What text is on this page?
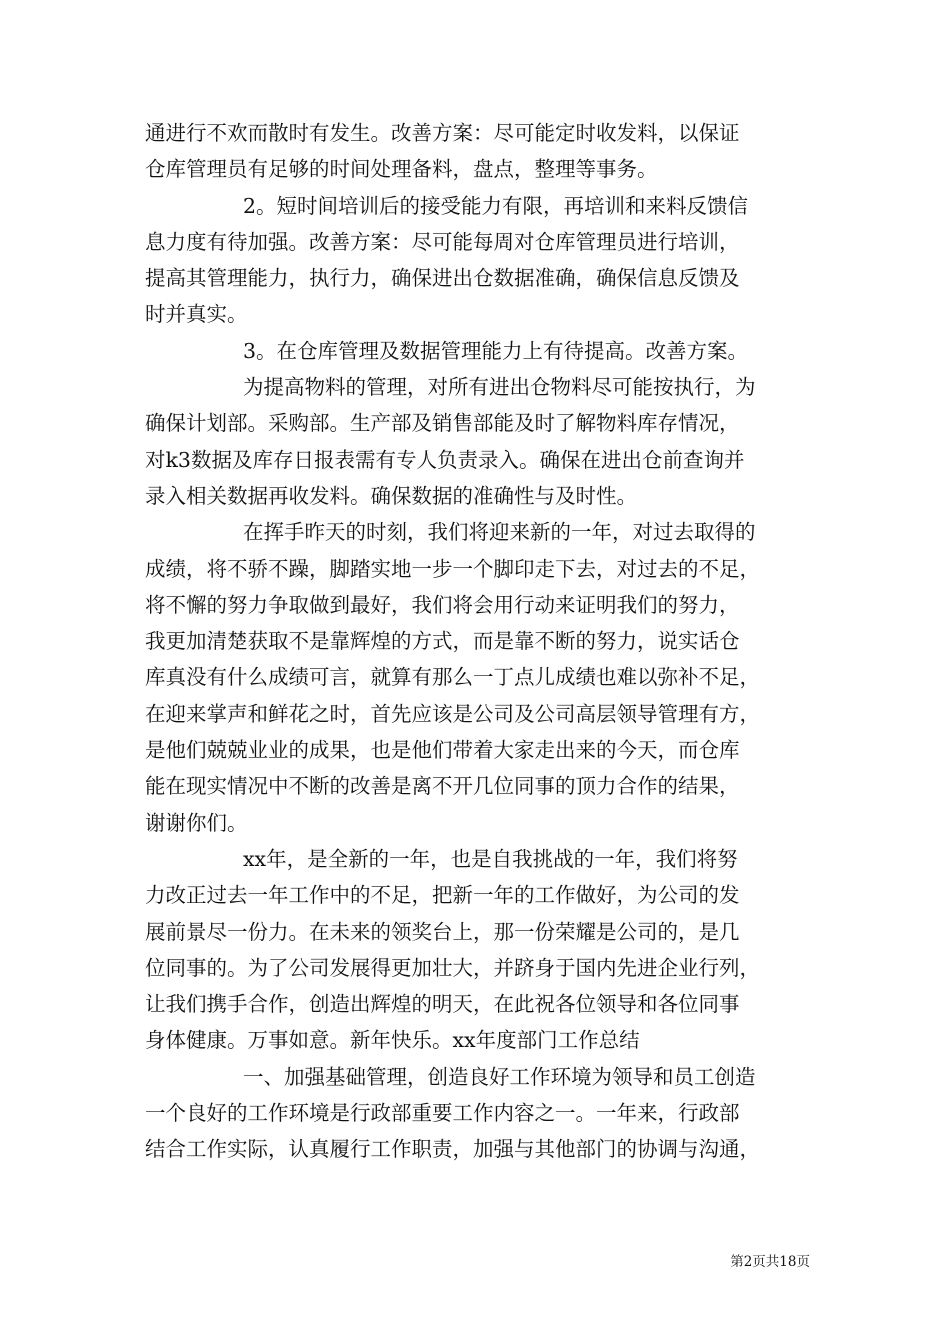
通进行不欢而散时有发生。改善方案：尽可能定时收发料，以保证
仓库管理员有足够的时间处理备料，盘点，整理等事务。
2。短时间培训后的接受能力有限，再培训和来料反馈信
息力度有待加强。改善方案：尽可能每周对仓库管理员进行培训，
提高其管理能力，执行力，确保进出仓数据准确，确保信息反馈及
时并真实。
3。在仓库管理及数据管理能力上有待提高。改善方案。
为提高物料的管理，对所有进出仓物料尽可能按执行，为
确保计划部。采购部。生产部及销售部能及时了解物料库存情况，
对k3数据及库存日报表需有专人负责录入。确保在进出仓前查询并
录入相关数据再收发料。确保数据的准确性与及时性。
在挥手昨天的时刻，我们将迎来新的一年，对过去取得的
成绩，将不骄不躁，脚踏实地一步一个脚印走下去，对过去的不足，
将不懈的努力争取做到最好，我们将会用行动来证明我们的努力，
我更加清楚获取不是靠辉煌的方式，而是靠不断的努力，说实话仓
库真没有什么成绩可言，就算有那么一丁点儿成绩也难以弥补不足，
在迎来掌声和鲜花之时，首先应该是公司及公司高层领导管理有方，
是他们兢兢业业的成果，也是他们带着大家走出来的今天，而仓库
能在现实情况中不断的改善是离不开几位同事的顶力合作的结果，
谢谢你们。
xx年，是全新的一年，也是自我挑战的一年，我们将努
力改正过去一年工作中的不足，把新一年的工作做好，为公司的发
展前景尽一份力。在未来的领奖台上，那一份荣耀是公司的，是几
位同事的。为了公司发展得更加壮大，并跻身于国内先进企业行列，
让我们携手合作，创造出辉煌的明天，在此祝各位领导和各位同事
身体健康。万事如意。新年快乐。xx年度部门工作总结
一、加强基础管理，创造良好工作环境为领导和员工创造
一个良好的工作环境是行政部重要工作内容之一。一年来，行政部
结合工作实际，认真履行工作职责，加强与其他部门的协调与沟通，
第2页共18页
